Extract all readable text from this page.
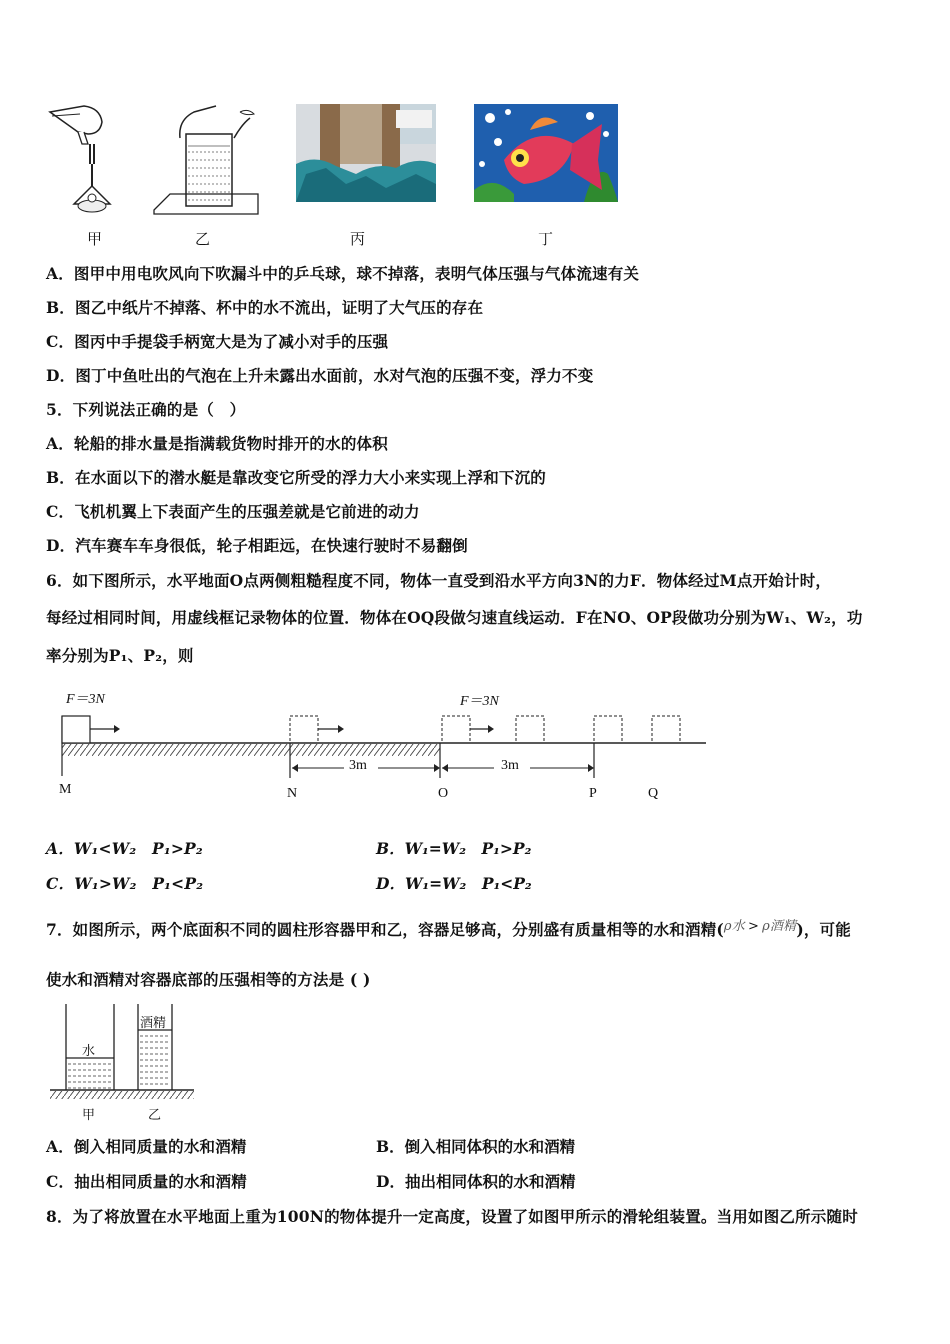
甲	乙	丙	丁
A．图甲中用电吹风向下吹漏斗中的乒乓球，球不掉落，表明气体压强与气体流速有关
B．图乙中纸片不掉落、杯中的水不流出，证明了大气压的存在
C．图丙中手提袋手柄宽大是为了减小对手的压强
D．图丁中鱼吐出的气泡在上升未露出水面前，水对气泡的压强不变，浮力不变
5．下列说法正确的是（　）
A．轮船的排水量是指满载货物时排开的水的体积
B．在水面以下的潜水艇是靠改变它所受的浮力大小来实现上浮和下沉的
C．飞机机翼上下表面产生的压强差就是它前进的动力
D．汽车赛车车身很低，轮子相距远，在快速行驶时不易翻倒
6．如下图所示，水平地面O点两侧粗糙程度不同，物体一直受到沿水平方向3N的力F．物体经过M点开始计时，
每经过相同时间，用虚线框记录物体的位置．物体在OQ段做匀速直线运动．F在NO、OP段做功分别为W₁、W₂，功
率分别为P₁、P₂，则
F＝3N	F＝3N
3m	3m
M	N	O	P	Q
A．W₁<W₂　P₁>P₂	B．W₁=W₂　P₁>P₂
C．W₁>W₂　P₁<P₂	D．W₁=W₂　P₁<P₂
7．如图所示，两个底面积不同的圆柱形容器甲和乙，容器足够高，分别盛有质量相等的水和酒精($^{\rho 水}$ > $^{\rho 酒精}$)，可能
使水和酒精对容器底部的压强相等的方法是 ( )
水
酒精
甲	乙
A．倒入相同质量的水和酒精	B．倒入相同体积的水和酒精
C．抽出相同质量的水和酒精	D．抽出相同体积的水和酒精
8．为了将放置在水平地面上重为100N的物体提升一定高度，设置了如图甲所示的滑轮组装置。当用如图乙所示随时
